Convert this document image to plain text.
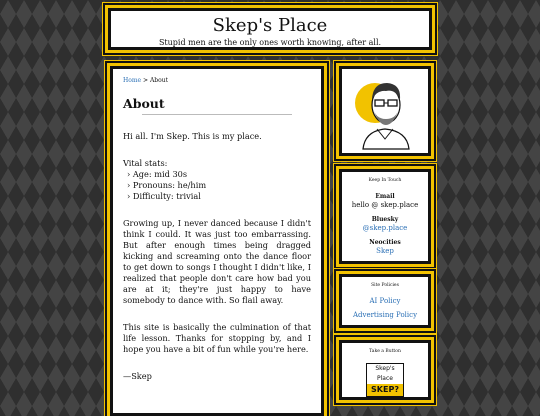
Skep's Place
Stupid men are the only ones worth knowing, after all.
Home > About
About

Hi all. I'm Skep. This is my place.

Vital stats:
› Age: mid 30s
› Pronouns: he/him
› Difficulty: trivial

Growing up, I never danced because I didn't think I could. It was just too embarrassing. But after enough times being dragged kicking and screaming onto the dance floor to get down to songs I thought I didn't like, I realized that people don't care how bad you are at it; they're just happy to have somebody to dance with. So flail away.

This site is basically the culmination of that life lesson. Thanks for stopping by, and I hope you have a bit of fun while you're here.

—Skep

Keep In Touch
Email
hello @ skep.place
Bluesky
@skep.place
Neocities
Skep
Site Policies
AI Policy
Advertising Policy
Take a Button
Skep's Place
SKEP?
